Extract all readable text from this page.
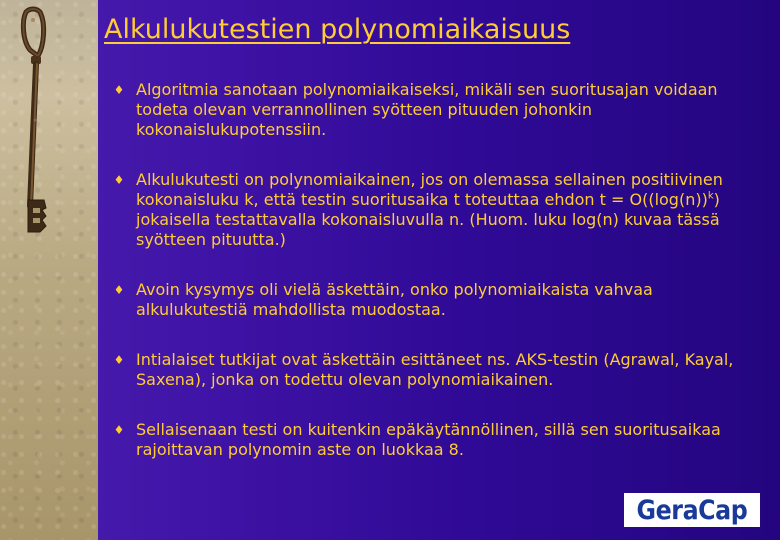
Alkulukutestien polynomiaikaisuus
♦ Algoritmia sanotaan polynomiaikaiseksi, mikäli sen suoritusajan voidaan todeta olevan verrannollinen syötteen pituuden johonkin kokonaislukupotenssiin.
♦ Alkulukutesti on polynomiaikainen, jos on olemassa sellainen positiivinen kokonaisluku k, että testin suoritusaika t toteuttaa ehdon $t = O((\log(n))^k)$ jokaisella testattavalla kokonaisluvulla n. (Huom. luku log(n) kuvaa tässä syötteen pituutta.)
♦ Avoin kysymys oli vielä äskettäin, onko polynomiaikaista vahvaa alkulukutestiä mahdollista muodostaa.
♦ Intialaiset tutkijat ovat äskettäin esittäneet ns. AKS-testin (Agrawal, Kayal, Saxena), jonka on todettu olevan polynomiaikainen.
♦ Sellaisenaan testi on kuitenkin epäkäytännöllinen, sillä sen suoritusaikaa rajoittavan polynomin aste on luokkaa 8.
GeraCap
